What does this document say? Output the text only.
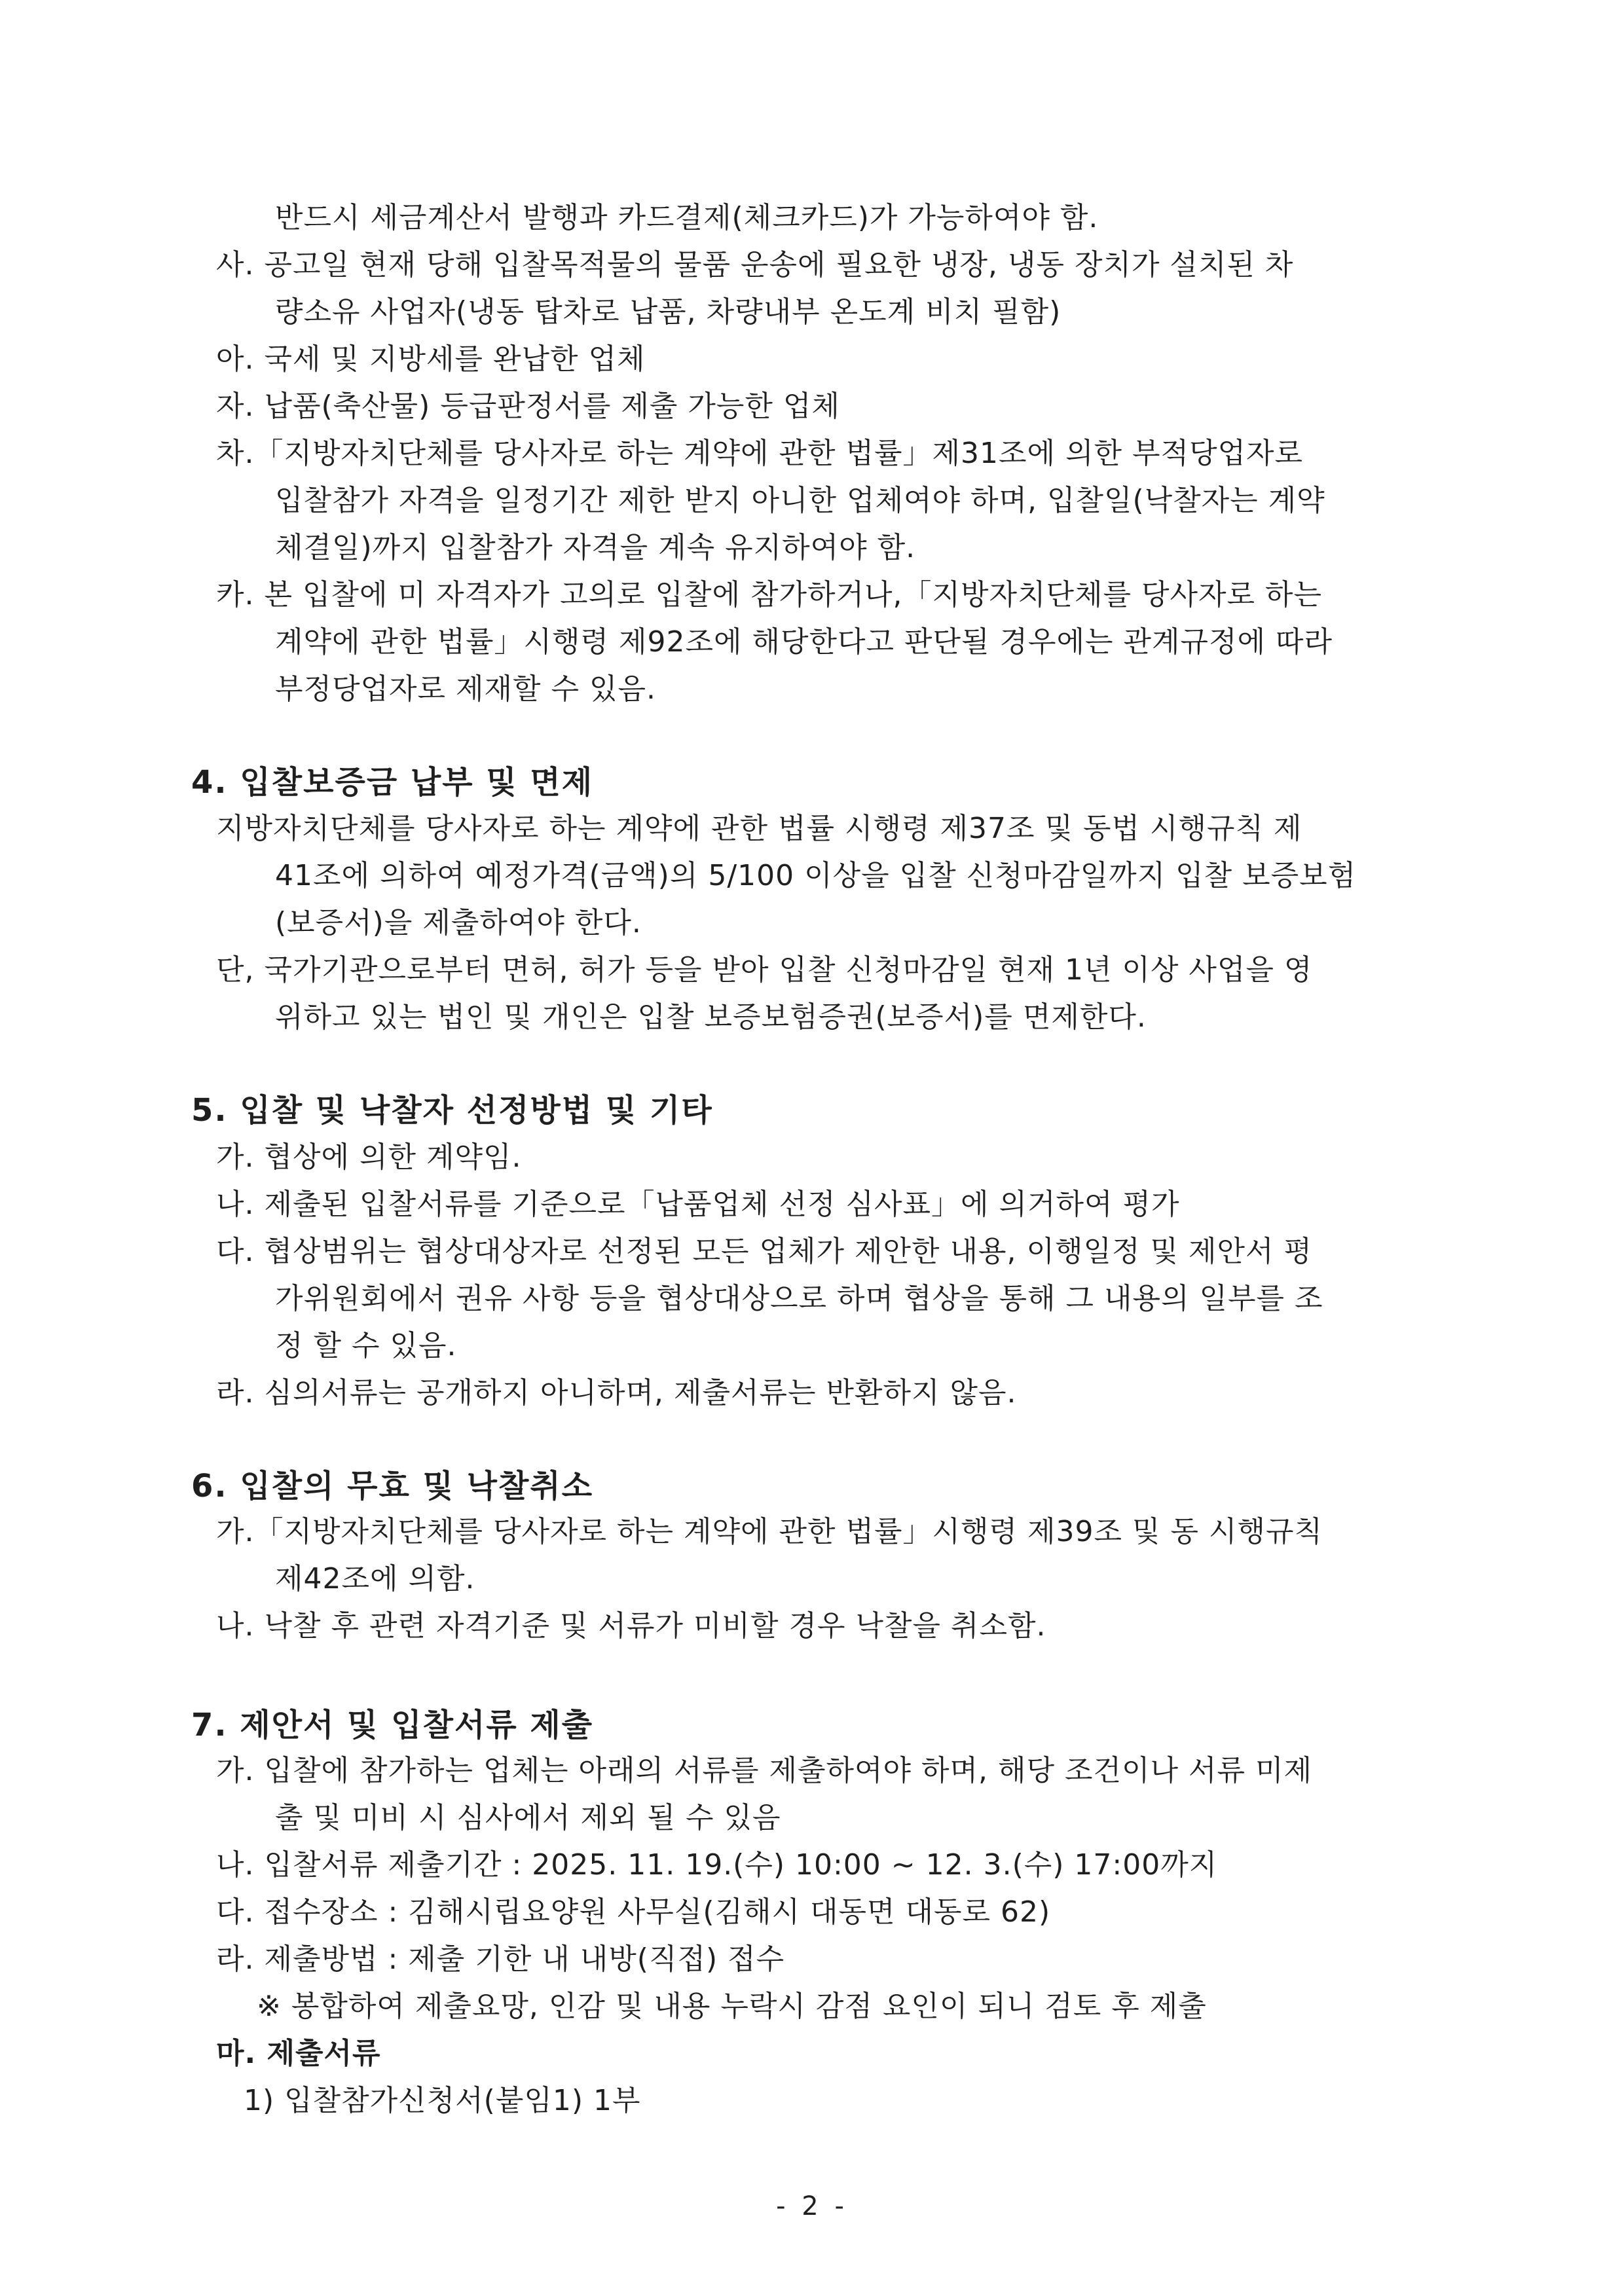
반드시 세금계산서 발행과 카드결제(체크카드)가 가능하여야 함.
사. 공고일 현재 당해 입찰목적물의 물품 운송에 필요한 냉장, 냉동 장치가 설치된 차
량소유 사업자(냉동 탑차로 납품, 차량내부 온도계 비치 필함)
아. 국세 및 지방세를 완납한 업체
자. 납품(축산물) 등급판정서를 제출 가능한 업체
차.「지방자치단체를 당사자로 하는 계약에 관한 법률」제31조에 의한 부적당업자로
입찰참가 자격을 일정기간 제한 받지 아니한 업체여야 하며, 입찰일(낙찰자는 계약
체결일)까지 입찰참가 자격을 계속 유지하여야 함.
카. 본 입찰에 미 자격자가 고의로 입찰에 참가하거나,「지방자치단체를 당사자로 하는
계약에 관한 법률」시행령 제92조에 해당한다고 판단될 경우에는 관계규정에 따라
부정당업자로 제재할 수 있음.
4. 입찰보증금 납부 및 면제
지방자치단체를 당사자로 하는 계약에 관한 법률 시행령 제37조 및 동법 시행규칙 제
41조에 의하여 예정가격(금액)의 5/100 이상을 입찰 신청마감일까지 입찰 보증보험
(보증서)을 제출하여야 한다.
단, 국가기관으로부터 면허, 허가 등을 받아 입찰 신청마감일 현재 1년 이상 사업을 영
위하고 있는 법인 및 개인은 입찰 보증보험증권(보증서)를 면제한다.
5. 입찰 및 낙찰자 선정방법 및 기타
가. 협상에 의한 계약임.
나. 제출된 입찰서류를 기준으로「납품업체 선정 심사표」에 의거하여 평가
다. 협상범위는 협상대상자로 선정된 모든 업체가 제안한 내용, 이행일정 및 제안서 평
가위원회에서 권유 사항 등을 협상대상으로 하며 협상을 통해 그 내용의 일부를 조
정 할 수 있음.
라. 심의서류는 공개하지 아니하며, 제출서류는 반환하지 않음.
6. 입찰의 무효 및 낙찰취소
가.「지방자치단체를 당사자로 하는 계약에 관한 법률」시행령 제39조 및 동 시행규칙
제42조에 의함.
나. 낙찰 후 관련 자격기준 및 서류가 미비할 경우 낙찰을 취소함.
7. 제안서 및 입찰서류 제출
가. 입찰에 참가하는 업체는 아래의 서류를 제출하여야 하며, 해당 조건이나 서류 미제
출 및 미비 시 심사에서 제외 될 수 있음
나. 입찰서류 제출기간 : 2025. 11. 19.(수) 10:00 ~ 12. 3.(수) 17:00까지
다. 접수장소 : 김해시립요양원 사무실(김해시 대동면 대동로 62)
라. 제출방법 : 제출 기한 내 내방(직접) 접수
※ 봉합하여 제출요망, 인감 및 내용 누락시 감점 요인이 되니 검토 후 제출
마. 제출서류
1) 입찰참가신청서(붙임1) 1부
- 2 -
